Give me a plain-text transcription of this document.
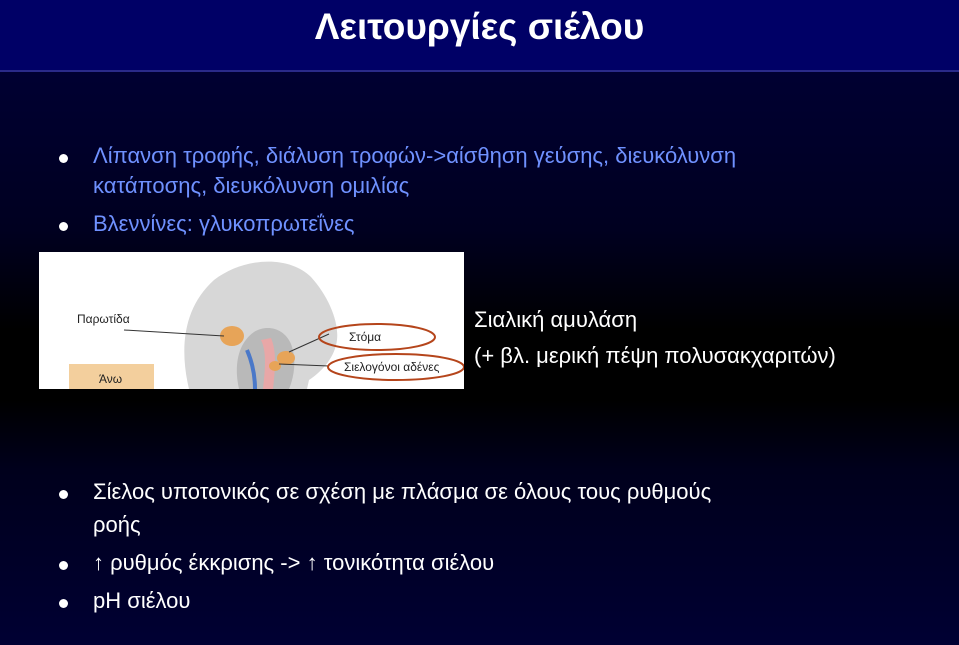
Λειτουργίες σιέλου

Λίπανση τροφής, διάλυση τροφών->αίσθηση γεύσης, διευκόλυνση

κατάποσης, διευκόλυνση ομιλίας

Βλεννίνες: γλυκοπρωτεΐνες

Παρωτίδα
Άνω
Στόμα
Σιελογόνοι αδένες

Σιαλική αμυλάση

(+ βλ. μερική πέψη πολυσακχαριτών)

Σίελος υποτονικός σε σχέση με πλάσμα σε όλους τους ρυθμούς

ροής

↑ ρυθμός έκκρισης -> ↑ τονικότητα σιέλου

pH σιέλου
